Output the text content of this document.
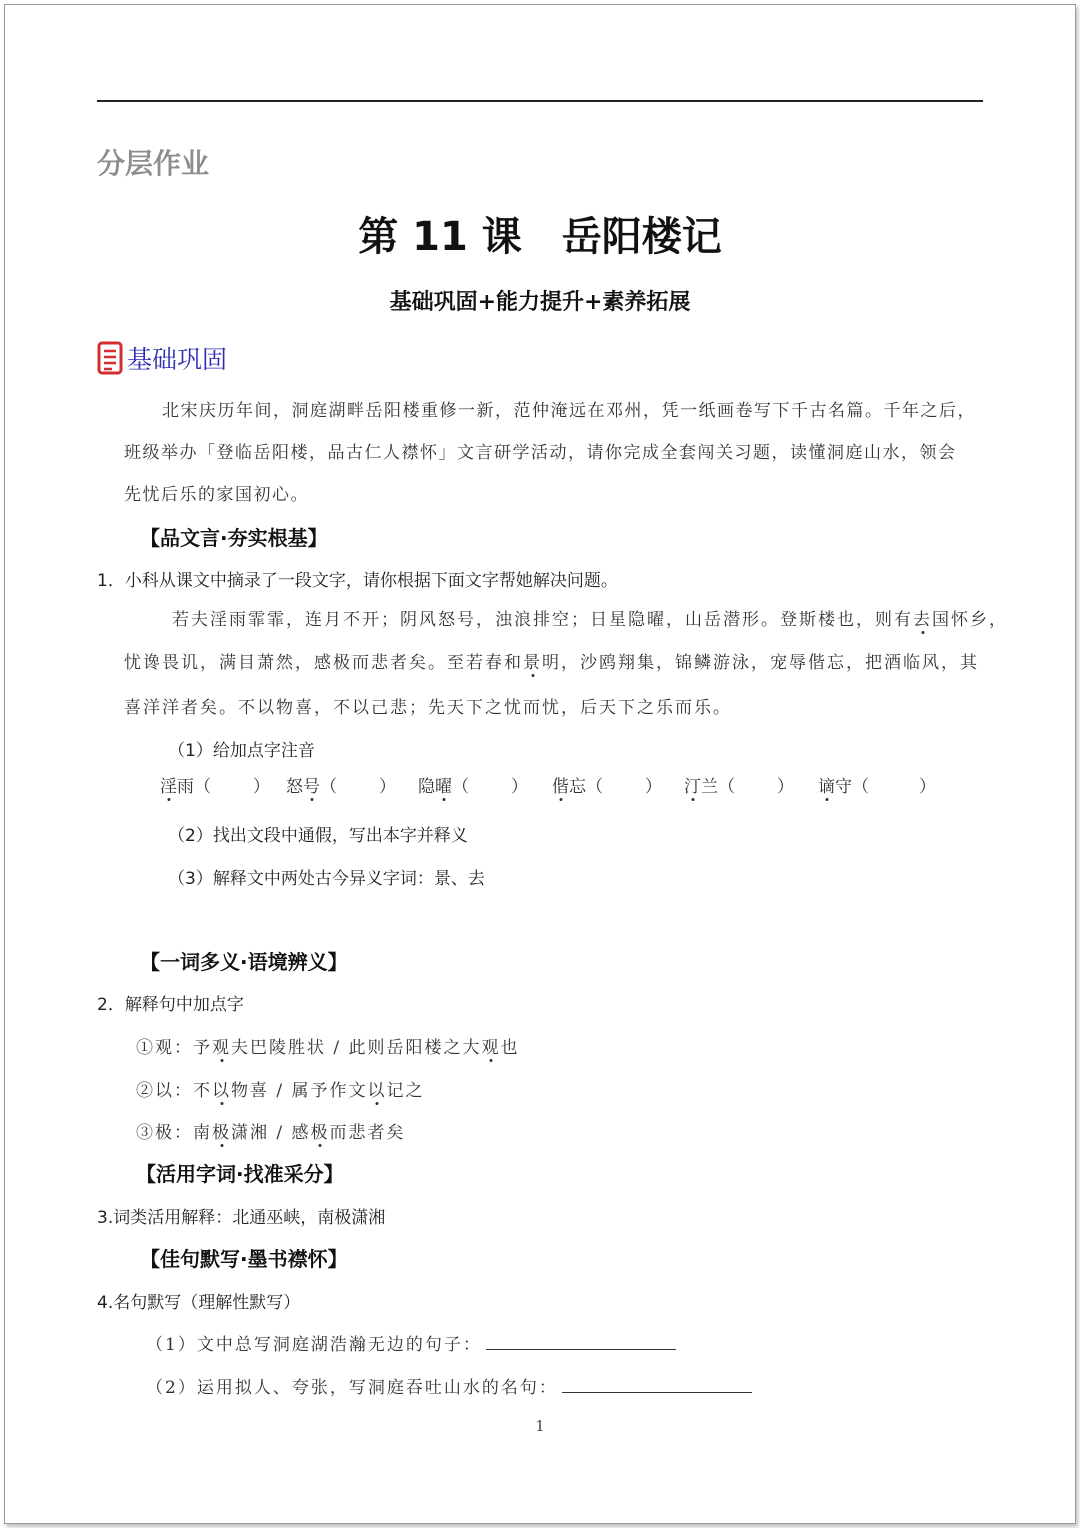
分层作业
第 11 课　岳阳楼记
基础巩固+能力提升+素养拓展
基础巩固
北宋庆历年间，洞庭湖畔岳阳楼重修一新，范仲淹远在邓州，凭一纸画卷写下千古名篇。千年之后，
班级举办「登临岳阳楼，品古仁人襟怀」文言研学活动，请你完成全套闯关习题，读懂洞庭山水，领会
先忧后乐的家国初心。
【品文言·夯实根基】
1．小科从课文中摘录了一段文字，请你根据下面文字帮她解决问题。
若夫淫雨霏霏，连月不开；阴风怒号，浊浪排空；日星隐曜，山岳潜形。登斯楼也，则有去国怀乡，
忧谗畏讥，满目萧然，感极而悲者矣。至若春和景明，沙鸥翔集，锦鳞游泳，宠辱偕忘，把酒临风，其
喜洋洋者矣。不以物喜，不以己悲；先天下之忧而忧，后天下之乐而乐。
（1）给加点字注音
淫雨（ ） 怒号（ ） 隐曜（ ） 偕忘（ ） 汀兰（ ） 谪守（	）
（2）找出文段中通假，写出本字并释义
（3）解释文中两处古今异义字词：景、去
【一词多义·语境辨义】
2．解释句中加点字
①观：予观夫巴陵胜状 / 此则岳阳楼之大观也
②以：不以物喜 / 属予作文以记之
③极：南极潇湘 / 感极而悲者矣
【活用字词·找准采分】
3.词类活用解释：北通巫峡，南极潇湘
【佳句默写·墨书襟怀】
4.名句默写（理解性默写）
（1）文中总写洞庭湖浩瀚无边的句子：
（2）运用拟人、夸张，写洞庭吞吐山水的名句：
1
